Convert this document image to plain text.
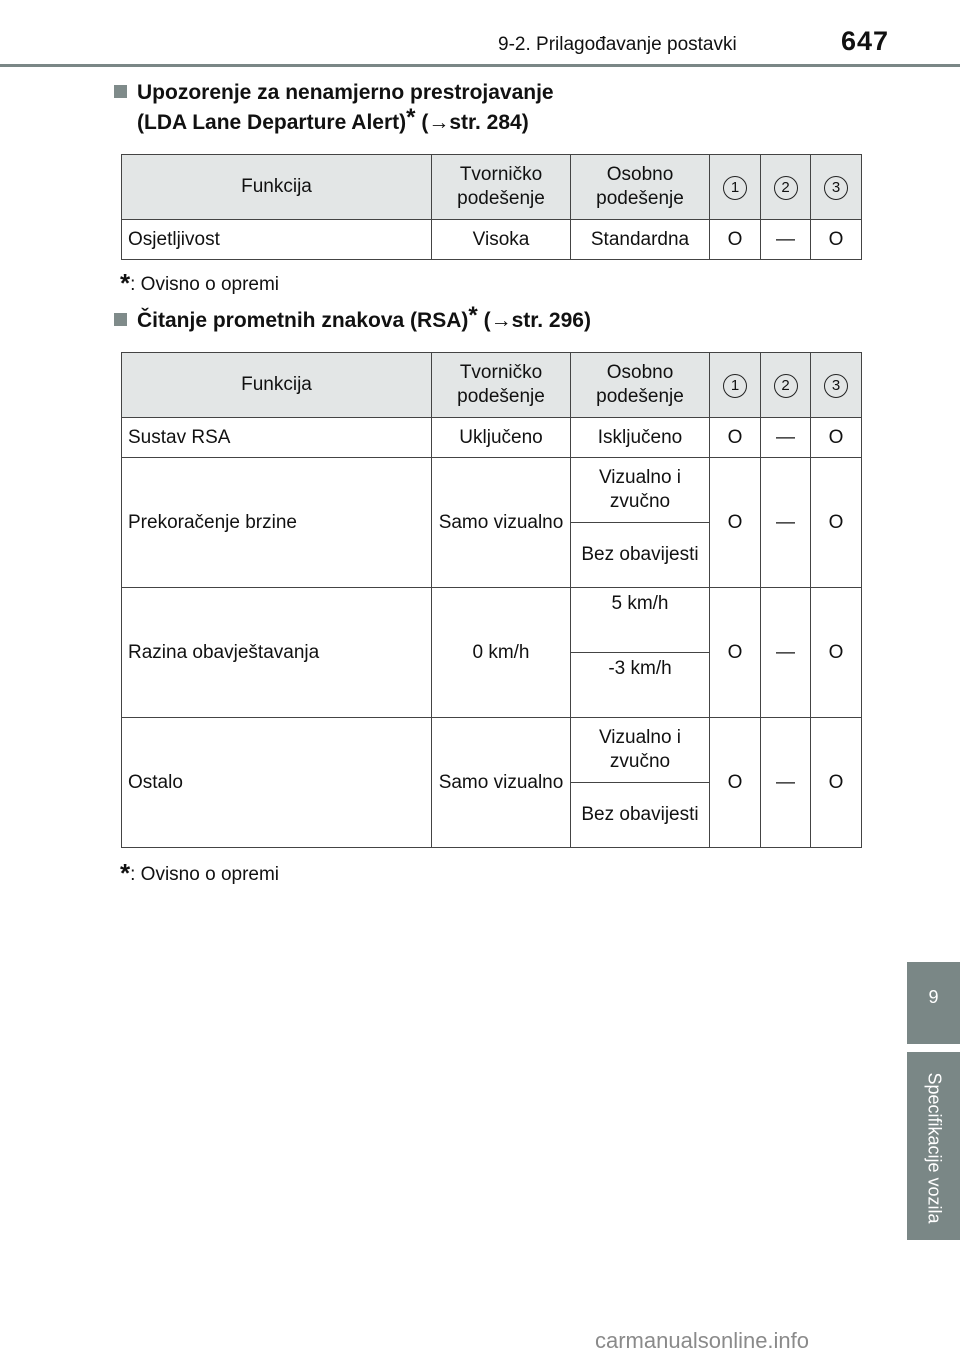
9-2. Prilagođavanje postavki	647
Upozorenje za nenamjerno prestrojavanje
(LDA Lane Departure Alert)* (→str. 284)
Funkcija	Tvorničko podešenje	Osobno podešenje	1	2	3
Osjetljivost	Visoka	Standardna	O	—	O
*: Ovisno o opremi
Čitanje prometnih znakova (RSA)* (→str. 296)
Funkcija	Tvorničko podešenje	Osobno podešenje	1	2	3
Sustav RSA	Uključeno	Isključeno	O	—	O
Prekoračenje brzine	Samo vizualno	Vizualno i zvučno	O	—	O
		Bez obavijesti			
Razina obavještavanja	0 km/h	5 km/h	O	—	O
		-3 km/h			
Ostalo	Samo vizualno	Vizualno i zvučno	O	—	O
		Bez obavijesti			
*: Ovisno o opremi
9
Specifikacije vozila
carmanualsonline.info
